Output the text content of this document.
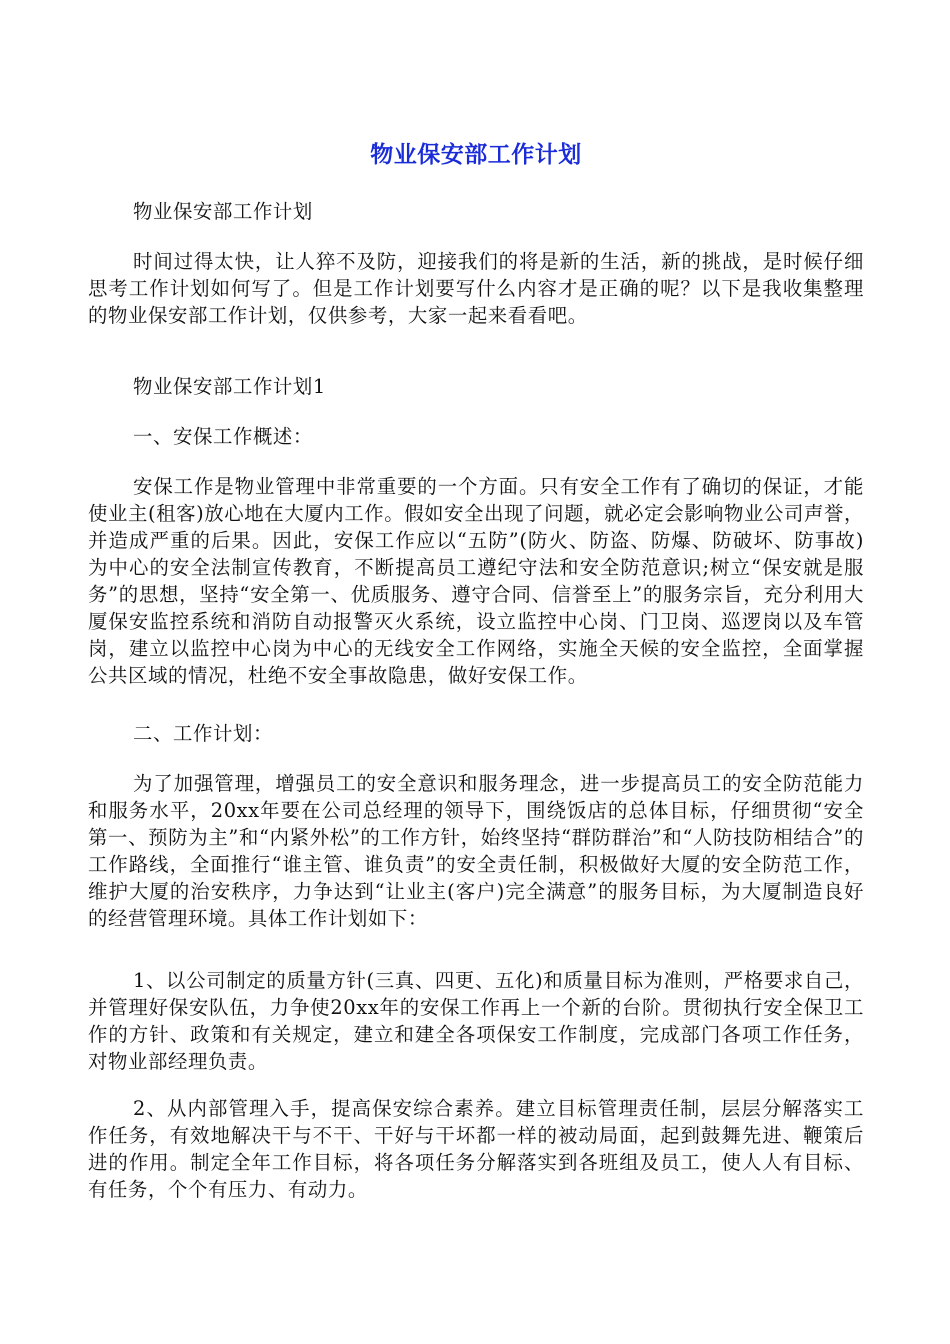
物业保安部工作计划

物业保安部工作计划

时间过得太快，让人猝不及防，迎接我们的将是新的生活，新的挑战，是时候仔细思考工作计划如何写了。但是工作计划要写什么内容才是正确的呢？以下是我收集整理的物业保安部工作计划，仅供参考，大家一起来看看吧。

物业保安部工作计划1

一、安保工作概述：

安保工作是物业管理中非常重要的一个方面。只有安全工作有了确切的保证，才能使业主(租客)放心地在大厦内工作。假如安全出现了问题，就必定会影响物业公司声誉，并造成严重的后果。因此，安保工作应以“五防”(防火、防盗、防爆、防破坏、防事故)为中心的安全法制宣传教育，不断提高员工遵纪守法和安全防范意识;树立“保安就是服务”的思想，坚持“安全第一、优质服务、遵守合同、信誉至上”的服务宗旨，充分利用大厦保安监控系统和消防自动报警灭火系统，设立监控中心岗、门卫岗、巡逻岗以及车管岗，建立以监控中心岗为中心的无线安全工作网络，实施全天候的安全监控，全面掌握公共区域的情况，杜绝不安全事故隐患，做好安保工作。

二、工作计划：

为了加强管理，增强员工的安全意识和服务理念，进一步提高员工的安全防范能力和服务水平，20xx年要在公司总经理的领导下，围绕饭店的总体目标，仔细贯彻“安全第一、预防为主”和“内紧外松”的工作方针，始终坚持“群防群治”和“人防技防相结合”的工作路线，全面推行“谁主管、谁负责”的安全责任制，积极做好大厦的安全防范工作，维护大厦的治安秩序，力争达到“让业主(客户)完全满意”的服务目标，为大厦制造良好的经营管理环境。具体工作计划如下：

1、以公司制定的质量方针(三真、四更、五化)和质量目标为准则，严格要求自己，并管理好保安队伍，力争使20xx年的安保工作再上一个新的台阶。贯彻执行安全保卫工作的方针、政策和有关规定，建立和建全各项保安工作制度，完成部门各项工作任务，对物业部经理负责。

2、从内部管理入手，提高保安综合素养。建立目标管理责任制，层层分解落实工作任务，有效地解决干与不干、干好与干坏都一样的被动局面，起到鼓舞先进、鞭策后进的作用。制定全年工作目标，将各项任务分解落实到各班组及员工，使人人有目标、有任务，个个有压力、有动力。
